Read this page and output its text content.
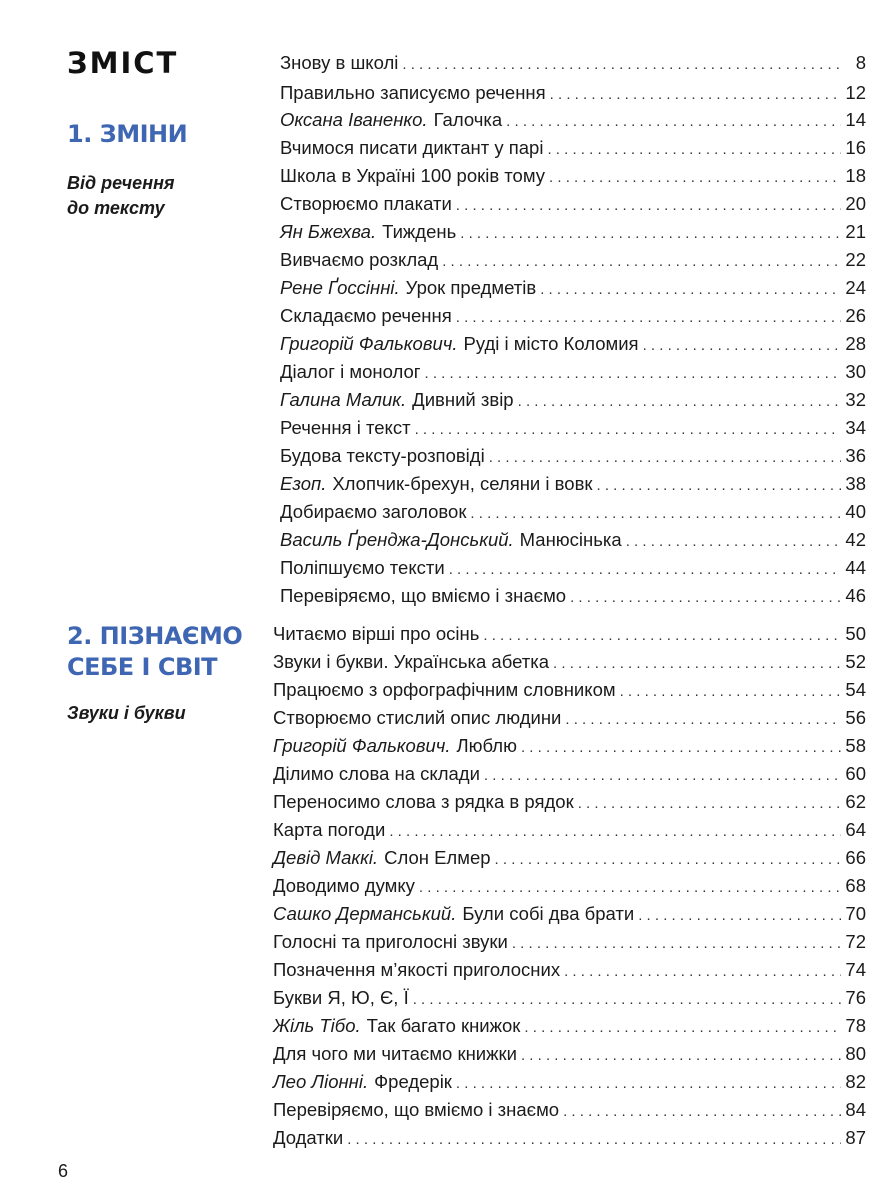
ЗМІСТ
1. ЗМІНИ
Від речення
до тексту
2. ПІЗНАЄМО
СЕБЕ І СВІТ
Звуки і букви
Знову в школі . . .	8
Правильно записуємо речення . . .	12
Оксана Іваненко. Галочка . . .	14
Вчимося писати диктант у парі . . .	16
Школа в Україні 100 років тому . . .	18
Створюємо плакати . . .	20
Ян Бжехва. Тиждень . . .	21
Вивчаємо розклад . . .	22
Рене Ґоссінні. Урок предметів . . .	24
Складаємо речення . . .	26
Григорій Фалькович. Руді і місто Коломия . . .	28
Діалог і монолог . . .	30
Галина Малик. Дивний звір . . .	32
Речення і текст . . .	34
Будова тексту-розповіді . . .	36
Езоп. Хлопчик-брехун, селяни і вовк . . .	38
Добираємо заголовок . . .	40
Василь Ґренджа-Донський. Манюсінька . . .	42
Поліпшуємо тексти . . .	44
Перевіряємо, що вміємо і знаємо . . .	46
Читаємо вірші про осінь . . .	50
Звуки і букви. Українська абетка . . .	52
Працюємо з орфографічним словником . . .	54
Створюємо стислий опис людини . . .	56
Григорій Фалькович. Люблю . . .	58
Ділимо слова на склади . . .	60
Переносимо слова з рядка в рядок . . .	62
Карта погоди . . .	64
Девід Маккі. Слон Елмер . . .	66
Доводимо думку . . .	68
Сашко Дерманський. Були собі два брати . . .	70
Голосні та приголосні звуки . . .	72
Позначення м’якості приголосних . . .	74
Букви Я, Ю, Є, Ї . . .	76
Жіль Тібо. Так багато книжок . . .	78
Для чого ми читаємо книжки . . .	80
Лео Ліонні. Фредерік . . .	82
Перевіряємо, що вміємо і знаємо . . .	84
Додатки . . .	87
6
